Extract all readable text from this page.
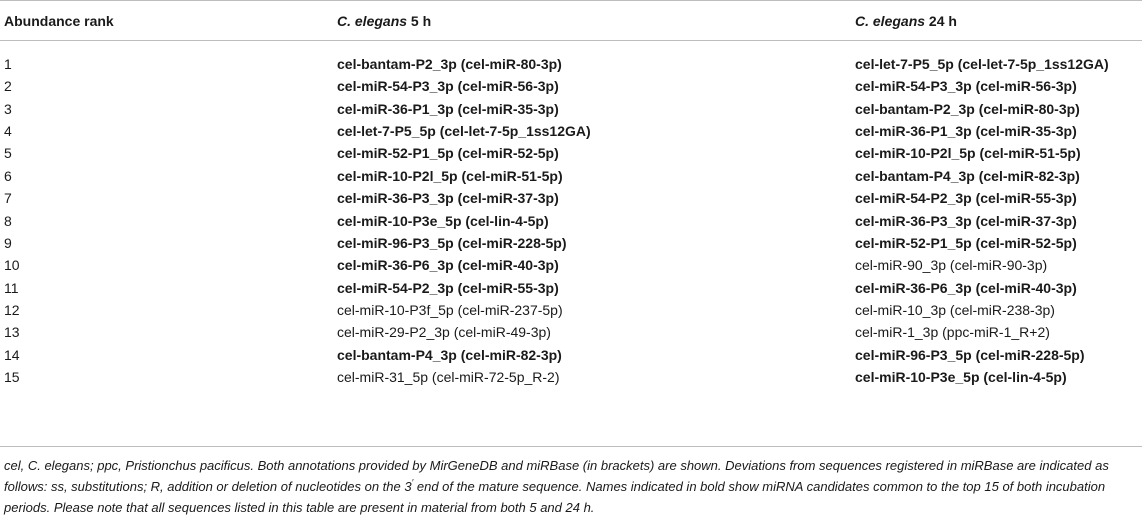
Abundance rank	C. elegans 5 h	C. elegans 24 h
1	cel-bantam-P2_3p (cel-miR-80-3p)	cel-let-7-P5_5p (cel-let-7-5p_1ss12GA)
2	cel-miR-54-P3_3p (cel-miR-56-3p)	cel-miR-54-P3_3p (cel-miR-56-3p)
3	cel-miR-36-P1_3p (cel-miR-35-3p)	cel-bantam-P2_3p (cel-miR-80-3p)
4	cel-let-7-P5_5p (cel-let-7-5p_1ss12GA)	cel-miR-36-P1_3p (cel-miR-35-3p)
5	cel-miR-52-P1_5p (cel-miR-52-5p)	cel-miR-10-P2l_5p (cel-miR-51-5p)
6	cel-miR-10-P2l_5p (cel-miR-51-5p)	cel-bantam-P4_3p (cel-miR-82-3p)
7	cel-miR-36-P3_3p (cel-miR-37-3p)	cel-miR-54-P2_3p (cel-miR-55-3p)
8	cel-miR-10-P3e_5p (cel-lin-4-5p)	cel-miR-36-P3_3p (cel-miR-37-3p)
9	cel-miR-96-P3_5p (cel-miR-228-5p)	cel-miR-52-P1_5p (cel-miR-52-5p)
10	cel-miR-36-P6_3p (cel-miR-40-3p)	cel-miR-90_3p (cel-miR-90-3p)
11	cel-miR-54-P2_3p (cel-miR-55-3p)	cel-miR-36-P6_3p (cel-miR-40-3p)
12	cel-miR-10-P3f_5p (cel-miR-237-5p)	cel-miR-10_3p (cel-miR-238-3p)
13	cel-miR-29-P2_3p (cel-miR-49-3p)	cel-miR-1_3p (ppc-miR-1_R+2)
14	cel-bantam-P4_3p (cel-miR-82-3p)	cel-miR-96-P3_5p (cel-miR-228-5p)
15	cel-miR-31_5p (cel-miR-72-5p_R-2)	cel-miR-10-P3e_5p (cel-lin-4-5p)
cel, C. elegans; ppc, Pristionchus pacificus. Both annotations provided by MirGeneDB and miRBase (in brackets) are shown. Deviations from sequences registered in miRBase are indicated as follows: ss, substitutions; R, addition or deletion of nucleotides on the 3′ end of the mature sequence. Names indicated in bold show miRNA candidates common to the top 15 of both incubation periods. Please note that all sequences listed in this table are present in material from both 5 and 24 h.
